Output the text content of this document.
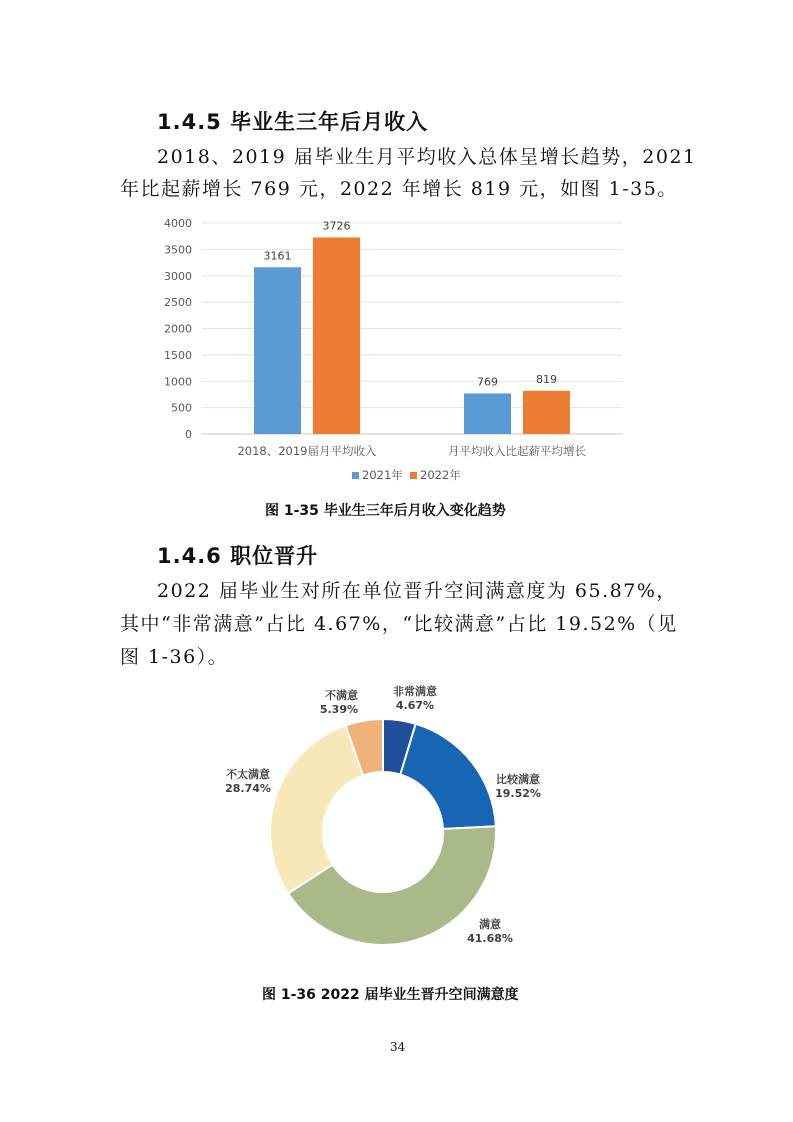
1.4.5 毕业生三年后月收入
2018、2019 届毕业生月平均收入总体呈增长趋势，2021
年比起薪增长 769 元，2022 年增长 819 元，如图 1-35。
0
500
1000
1500
2000
2500
3000
3500
4000
3161
3726
769	819
2018、2019届月平均收入	月平均收入比起薪平均增长
2021年 2022年
图 1-35 毕业生三年后月收入变化趋势
1.4.6 职位晋升
2022 届毕业生对所在单位晋升空间满意度为 65.87%，
其中“非常满意”占比 4.67%，“比较满意”占比 19.52%（见
图 1-36）。
非常满意
4.67%
比较满意
19.52%
满意
41.68%
不太满意
28.74%
不满意
5.39%
图 1-36 2022 届毕业生晋升空间满意度
34
